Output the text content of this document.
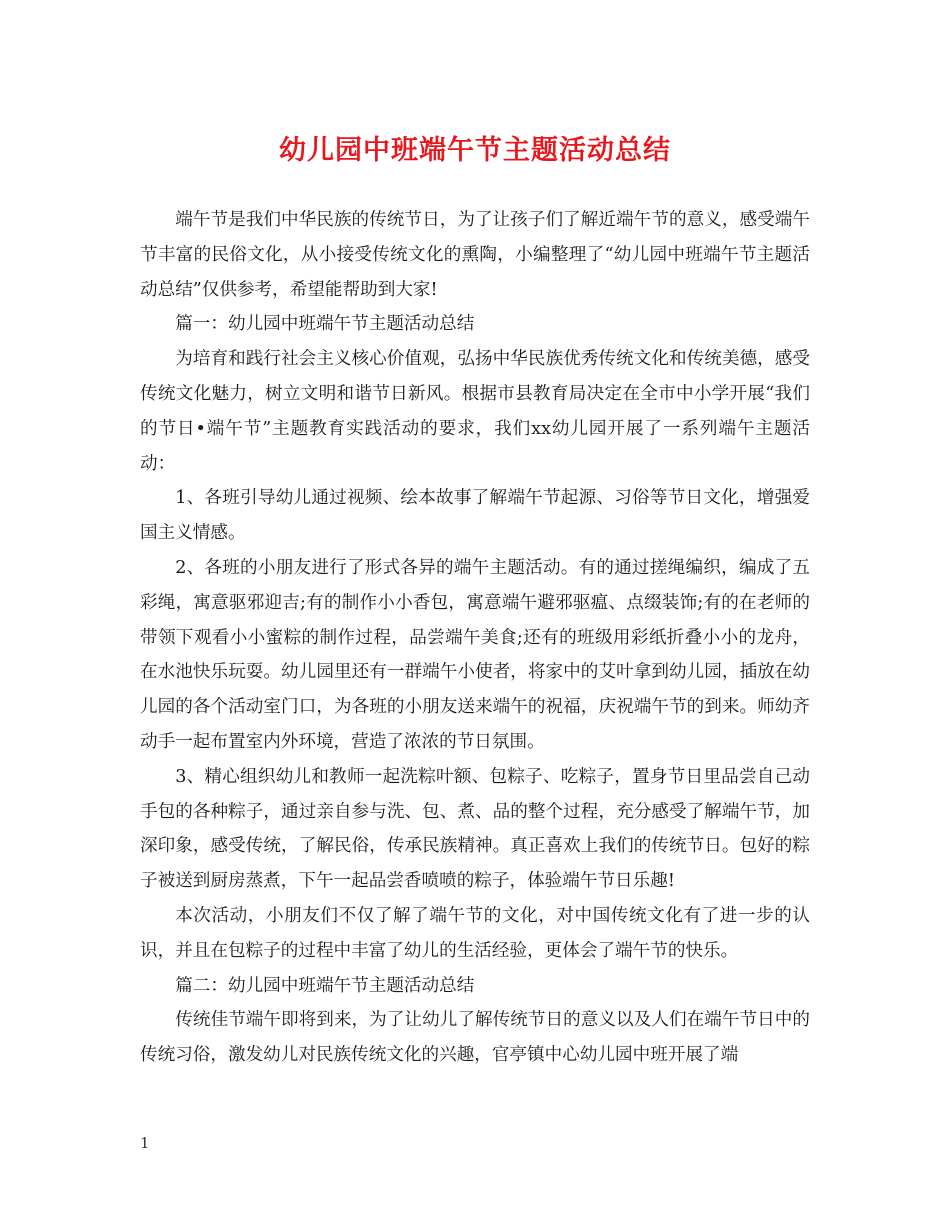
幼儿园中班端午节主题活动总结

端午节是我们中华民族的传统节日，为了让孩子们了解近端午节的意义，感受端午节丰富的民俗文化，从小接受传统文化的熏陶，小编整理了“幼儿园中班端午节主题活动总结”仅供参考，希望能帮助到大家!

篇一：幼儿园中班端午节主题活动总结

为培育和践行社会主义核心价值观，弘扬中华民族优秀传统文化和传统美德，感受传统文化魅力，树立文明和谐节日新风。根据市县教育局决定在全市中小学开展“我们的节日•端午节”主题教育实践活动的要求，我们xx幼儿园开展了一系列端午主题活动：

1、各班引导幼儿通过视频、绘本故事了解端午节起源、习俗等节日文化，增强爱国主义情感。

2、各班的小朋友进行了形式各异的端午主题活动。有的通过搓绳编织，编成了五彩绳，寓意驱邪迎吉;有的制作小小香包，寓意端午避邪驱瘟、点缀装饰;有的在老师的带领下观看小小蜜粽的制作过程，品尝端午美食;还有的班级用彩纸折叠小小的龙舟，在水池快乐玩耍。幼儿园里还有一群端午小使者，将家中的艾叶拿到幼儿园，插放在幼儿园的各个活动室门口，为各班的小朋友送来端午的祝福，庆祝端午节的到来。师幼齐动手一起布置室内外环境，营造了浓浓的节日氛围。

3、精心组织幼儿和教师一起洗粽叶额、包粽子、吃粽子，置身节日里品尝自己动手包的各种粽子，通过亲自参与洗、包、煮、品的整个过程，充分感受了解端午节，加深印象，感受传统，了解民俗，传承民族精神。真正喜欢上我们的传统节日。包好的粽子被送到厨房蒸煮，下午一起品尝香喷喷的粽子，体验端午节日乐趣!

本次活动，小朋友们不仅了解了端午节的文化，对中国传统文化有了进一步的认识，并且在包粽子的过程中丰富了幼儿的生活经验，更体会了端午节的快乐。

篇二：幼儿园中班端午节主题活动总结

传统佳节端午即将到来，为了让幼儿了解传统节日的意义以及人们在端午节日中的传统习俗，激发幼儿对民族传统文化的兴趣，官亭镇中心幼儿园中班开展了端

1
